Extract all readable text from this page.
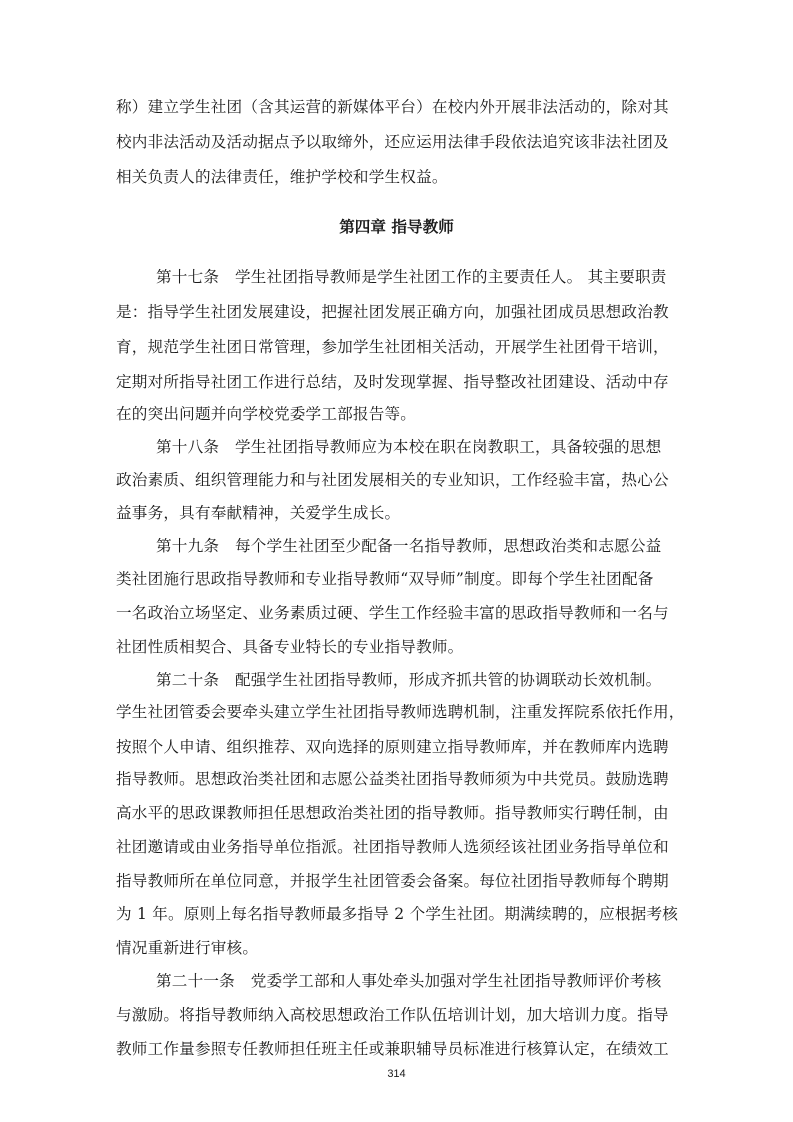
称）建立学生社团（含其运营的新媒体平台）在校内外开展非法活动的，除对其
校内非法活动及活动据点予以取缔外，还应运用法律手段依法追究该非法社团及
相关负责人的法律责任，维护学校和学生权益。
第四章 指导教师
第十七条　学生社团指导教师是学生社团工作的主要责任人。 其主要职责
是：指导学生社团发展建设，把握社团发展正确方向，加强社团成员思想政治教
育，规范学生社团日常管理，参加学生社团相关活动，开展学生社团骨干培训，
定期对所指导社团工作进行总结，及时发现掌握、指导整改社团建设、活动中存
在的突出问题并向学校党委学工部报告等。
第十八条　学生社团指导教师应为本校在职在岗教职工，具备较强的思想
政治素质、组织管理能力和与社团发展相关的专业知识，工作经验丰富，热心公
益事务，具有奉献精神，关爱学生成长。
第十九条　每个学生社团至少配备一名指导教师，思想政治类和志愿公益
类社团施行思政指导教师和专业指导教师“双导师”制度。即每个学生社团配备
一名政治立场坚定、业务素质过硬、学生工作经验丰富的思政指导教师和一名与
社团性质相契合、具备专业特长的专业指导教师。
第二十条　配强学生社团指导教师，形成齐抓共管的协调联动长效机制。
学生社团管委会要牵头建立学生社团指导教师选聘机制，注重发挥院系依托作用，
按照个人申请、组织推荐、双向选择的原则建立指导教师库，并在教师库内选聘
指导教师。思想政治类社团和志愿公益类社团指导教师须为中共党员。鼓励选聘
高水平的思政课教师担任思想政治类社团的指导教师。指导教师实行聘任制，由
社团邀请或由业务指导单位指派。社团指导教师人选须经该社团业务指导单位和
指导教师所在单位同意，并报学生社团管委会备案。每位社团指导教师每个聘期
为 1 年。原则上每名指导教师最多指导 2 个学生社团。期满续聘的，应根据考核
情况重新进行审核。
第二十一条　党委学工部和人事处牵头加强对学生社团指导教师评价考核
与激励。将指导教师纳入高校思想政治工作队伍培训计划，加大培训力度。指导
教师工作量参照专任教师担任班主任或兼职辅导员标准进行核算认定，在绩效工
314
